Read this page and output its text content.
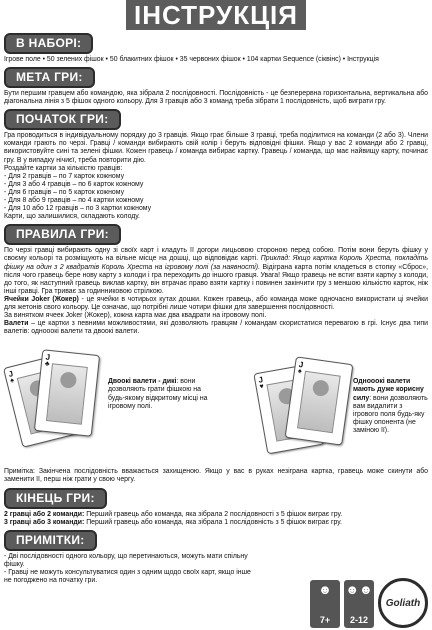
ІНСТРУКЦІЯ
В НАБОРІ:
Ігрове поле • 50 зелених фішок • 50 блакитних фішок • 35 червоних фішок • 104 картки Sequence (сіквінс) • Інструкція
МЕТА ГРИ:
Бути першим гравцем або командою, яка зібрала 2 послідовності. Послідовність - це безперервна горизонтальна, вертикальна або діагональна лінія з 5 фішок одного кольору. Для 3 гравців або 3 команд треба зібрати 1 послідовність, щоб виграти гру.
ПОЧАТОК ГРИ:
Гра проводиться в індивідуальному порядку до 3 гравців. Якщо грає більше 3 гравці, треба поділитися на команди (2 або 3). Члени команди грають по черзі. Гравці / команди вибирають свій колір і беруть відповідні фішки. Якщо у вас 2 команди або 2 гравці, використовуйте сині та зелені фішки. Кожен гравець / команда вибирає картку. Гравець / команда, що має найвищу карту, починає гру. В у випадку нічиєї, треба повторити дію.
Роздайте картки за кількістю гравців:
- Для 2 гравців – по 7 карток кожному
- Для 3 або 4 гравців – по 6 карток кожному
- Для 6 гравців – по 5 карток кожному
- Для 8 або 9 гравців – по 4 картки кожному
- Для 10 або 12 гравців – по 3 картки кожному
Карти, що залишилися, складають колоду.
ПРАВИЛА ГРИ:
По черзі гравці вибирають одну зі своїх карт і кладуть її догори лицьовою стороною перед собою. Потім вони беруть фішку у своєму кольорі та розміщують на вільне місце на дошці, що відповідає карті. Приклад: Якщо картка Король Хреста, покладіть фішку на один з 2 квадратів Король Хреста на ігровому полі (за наявності). Відіграна карта потім кладеться в стопку «Сброс», після чого гравець бере нову карту з колоди і гра переходить до іншого гравця. Увага! Якщо гравець не встиг взяти картку з колоди, до того, як наступний гравець виклав картку, він втрачає право взяти картку і повинен закінчити гру з меншою кількістю карток, ніж інші гравці. Гра триває за годинниковою стрілкою.
Ячейки Joker (Жокер) - це ячейки в чотирьох кутах дошки. Кожен гравець, або команда може одночасно використати ці ячейки для жетонів свого кольору. Це означає, що потрібні лише чотири фішки для завершення послідовності.
За винятком ячеек Joker (Жокер), кожна карта має два квадрати на ігровому полі.
Валети – це картки з певними можливостями, які дозволяють гравцям / командам скористатися перевагою в грі. Існує два типи валетів: однооокі валети та двоокі валети.
J
♠
J
♣
Двоокі валети - дикі: вони дозволяють грати фішкою на будь-якому відкритому місці на ігровому полі.
J
♥
J
♠
Однооокі валети мають дуже корисну силу: вони дозволяють вам видалити з ігрового поля будь-яку фішку опонента (не заміною її).
Примітка: Закінчена послідовність вважається захищеною. Якщо у вас в руках незіграна картка, гравець може скинути або заменити її, перш ніж грати у свою чергу.
КІНЕЦЬ ГРИ:
2 гравці або 2 команди: Перший гравець або команда, яка зібрала 2 послідовності з 5 фішок виграє гру.
3 гравці або 3 команди: Перший гравець або команда, яка зібрала 1 послідовність з 5 фішок виграє гру.
ПРИМІТКИ:
- Дві послідовності одного кольору, що перетинаються, можуть мати спільну фішку.
- Гравці не можуть консультуватися один з одним щодо своїх карт, якщо інше не погоджено на початку гри.
☻
7+
☻☻
2-12
Goliath
